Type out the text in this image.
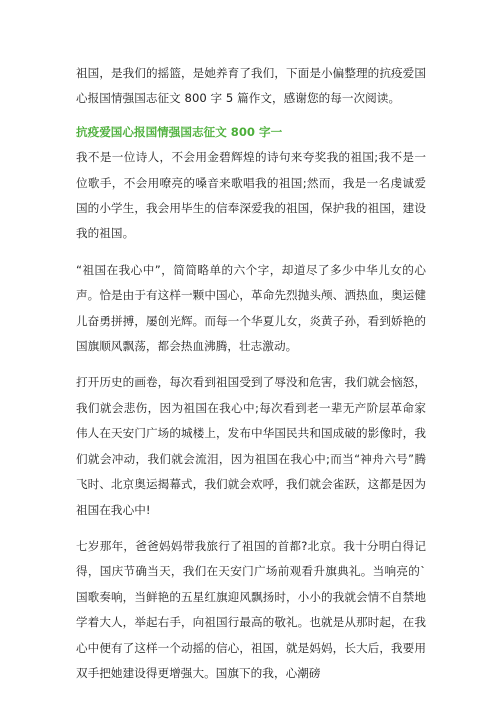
祖国，是我们的摇篮，是她养育了我们，下面是小偏整理的抗疫爱国心报国情强国志征文 800 字 5 篇作文，感谢您的每一次阅读。

抗疫爱国心报国情强国志征文 800 字一

我不是一位诗人，不会用金碧辉煌的诗句来夸奖我的祖国;我不是一位歌手，不会用嘹亮的嗓音来歌唱我的祖国;然而，我是一名虔诚爱国的小学生，我会用毕生的信奉深爱我的祖国，保护我的祖国，建设我的祖国。

“祖国在我心中”，简简略单的六个字，却道尽了多少中华儿女的心声。恰是由于有这样一颗中国心，革命先烈抛头颅、洒热血，奥运健儿奋勇拼搏，屡创光辉。而每一个华夏儿女，炎黄子孙，看到娇艳的国旗顺风飘荡，都会热血沸腾，壮志激动。

打开历史的画卷，每次看到祖国受到了辱没和危害，我们就会恼怒，我们就会悲伤，因为祖国在我心中;每次看到老一辈无产阶层革命家伟人在天安门广场的城楼上，发布中华国民共和国成破的影像时，我们就会冲动，我们就会流泪，因为祖国在我心中;而当“神舟六号”腾飞时、北京奥运揭幕式，我们就会欢呼，我们就会雀跃，这都是因为祖国在我心中!

七岁那年，爸爸妈妈带我旅行了祖国的首都?北京。我十分明白得记得，国庆节确当天，我们在天安门广场前观看升旗典礼。当响亮的`国歌奏响，当鲜艳的五星红旗迎风飘扬时，小小的我就会情不自禁地学着大人，举起右手，向祖国行最高的敬礼。也就是从那时起，在我心中便有了这样一个动摇的信心，祖国，就是妈妈，长大后，我要用双手把她建设得更增强大。国旗下的我，心潮磅
